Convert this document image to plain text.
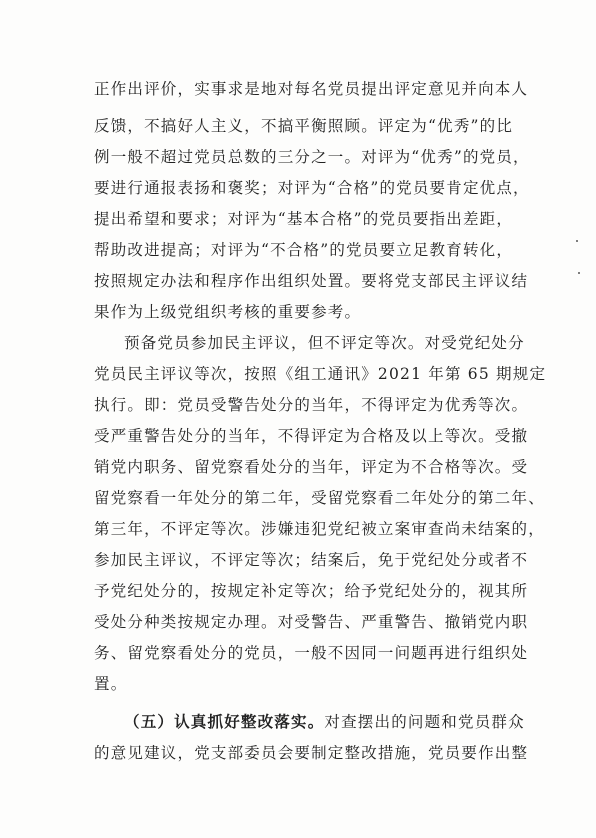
正作出评价，实事求是地对每名党员提出评定意见并向本人
反馈，不搞好人主义，不搞平衡照顾。评定为“优秀”的比
例一般不超过党员总数的三分之一。对评为“优秀”的党员，
要进行通报表扬和褒奖；对评为“合格”的党员要肯定优点，
提出希望和要求；对评为“基本合格”的党员要指出差距，
帮助改进提高；对评为“不合格”的党员要立足教育转化，
按照规定办法和程序作出组织处置。要将党支部民主评议结
果作为上级党组织考核的重要参考。
预备党员参加民主评议，但不评定等次。对受党纪处分
党员民主评议等次，按照《组工通讯》2021 年第 65 期规定
执行。即：党员受警告处分的当年，不得评定为优秀等次。
受严重警告处分的当年，不得评定为合格及以上等次。受撤
销党内职务、留党察看处分的当年，评定为不合格等次。受
留党察看一年处分的第二年，受留党察看二年处分的第二年、
第三年，不评定等次。涉嫌违犯党纪被立案审查尚未结案的，
参加民主评议，不评定等次；结案后，免于党纪处分或者不
予党纪处分的，按规定补定等次；给予党纪处分的，视其所
受处分种类按规定办理。对受警告、严重警告、撤销党内职
务、留党察看处分的党员，一般不因同一问题再进行组织处
置。
（五）认真抓好整改落实。对查摆出的问题和党员群众
的意见建议，党支部委员会要制定整改措施，党员要作出整
